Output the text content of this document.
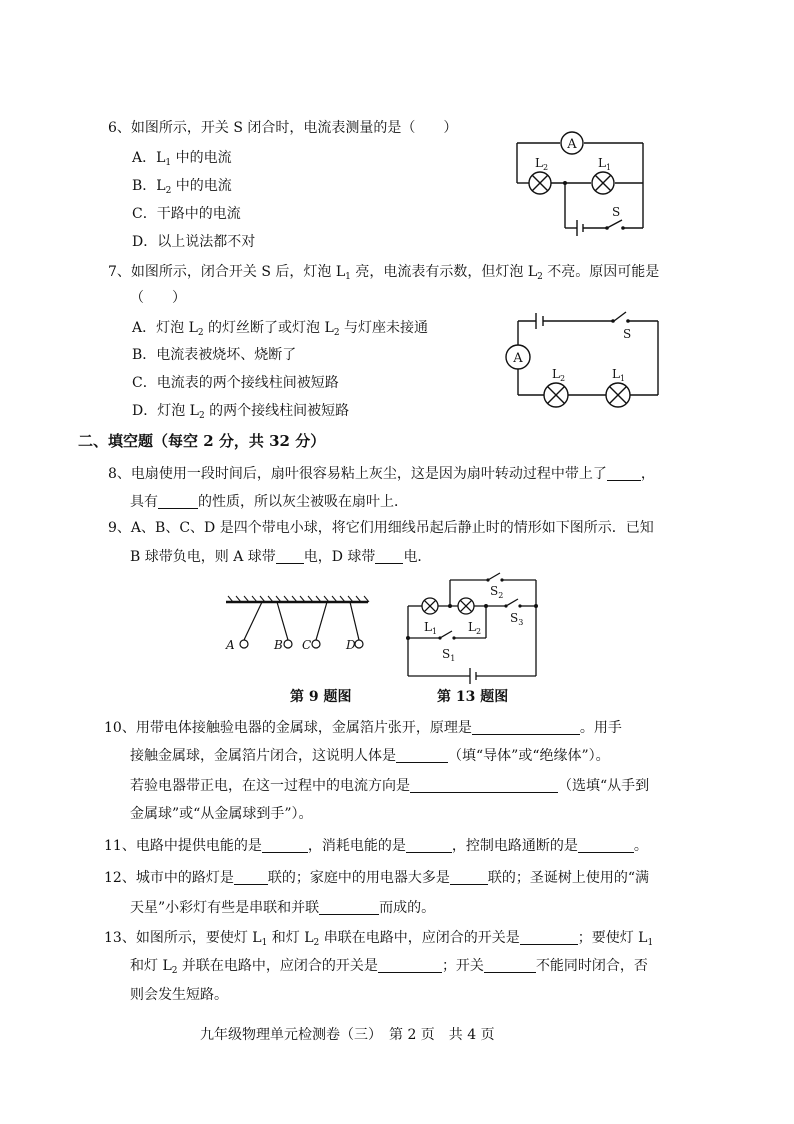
6、如图所示，开关 S 闭合时，电流表测量的是（　　）
A．$L_1$ 中的电流
B．$L_2$ 中的电流
C．干路中的电流
D．以上说法都不对
A
$L_2$	$L_1$
S
7、如图所示，闭合开关 S 后，灯泡 $L_1$ 亮，电流表有示数，但灯泡 $L_2$ 不亮。原因可能是
（　　）
A．灯泡 $L_2$ 的灯丝断了或灯泡 $L_2$ 与灯座未接通
B．电流表被烧坏、烧断了
C．电流表的两个接线柱间被短路
D．灯泡 $L_2$ 的两个接线柱间被短路
A
S
$L_2$	$L_1$
二、填空题（每空 2 分，共 32 分）
8、电扇使用一段时间后，扇叶很容易粘上灰尘，这是因为扇叶转动过程中带上了 ，
具有	的性质，所以灰尘被吸在扇叶上．
9、A、B、C、D 是四个带电小球，将它们用细线吊起后静止时的情形如下图所示．已知
B 球带负电，则 A 球带 电，D 球带 电．
A	B C	D
$L_1$	$L_2$
$S_2$
$S_3$
$S_1$
第 9 题图	第 13 题图
10、用带电体接触验电器的金属球，金属箔片张开，原理是	。用手
接触金属球，金属箔片闭合，这说明人体是	（填“导体”或“绝缘体”）。
若验电器带正电，在这一过程中的电流方向是	（选填“从手到
金属球”或“从金属球到手”）。
11、电路中提供电能的是	，消耗电能的是	，控制电路通断的是	。
12、城市中的路灯是 联的；家庭中的用电器大多是	联的；圣诞树上使用的“满
天星”小彩灯有些是串联和并联	而成的。
13、如图所示，要使灯 $L_1$ 和灯 $L_2$ 串联在电路中，应闭合的开关是	；要使灯 $L_1$
和灯 $L_2$ 并联在电路中，应闭合的开关是	；开关	不能同时闭合，否
则会发生短路。
九年级物理单元检测卷（三）　第 2 页　共 4 页
